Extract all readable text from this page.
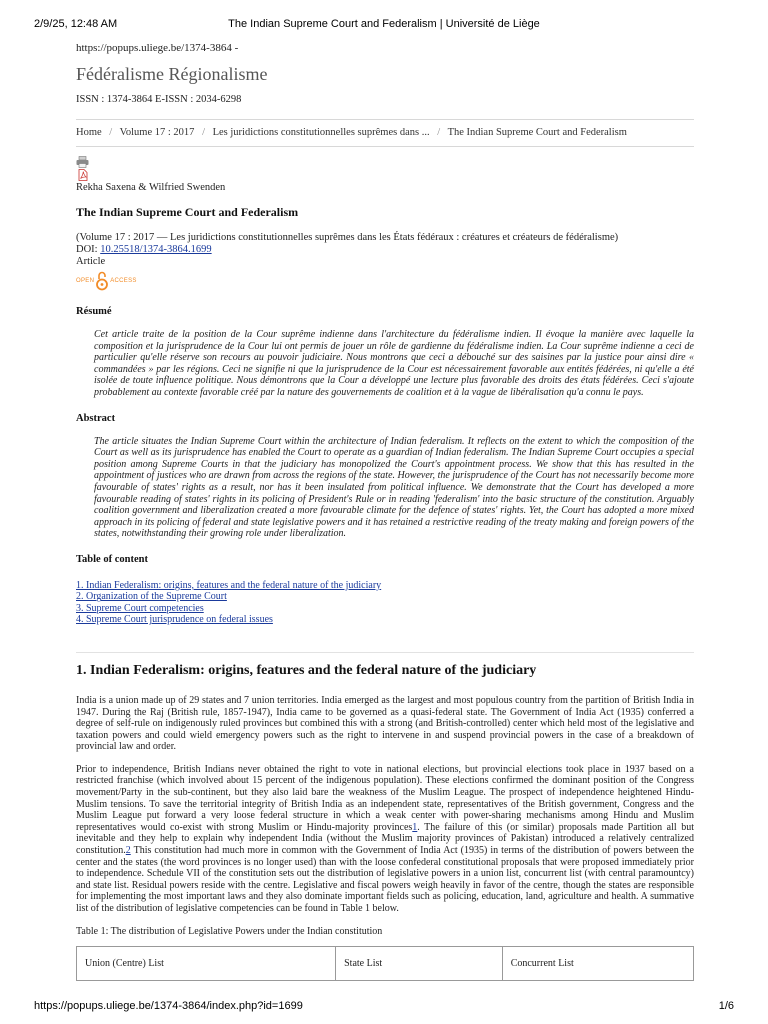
2/9/25, 12:48 AM	The Indian Supreme Court and Federalism | Université de Liège
https://popups.uliege.be/1374-3864 -
Fédéralisme Régionalisme
ISSN : 1374-3864 E-ISSN : 2034-6298
Home / Volume 17 : 2017 / Les juridictions constitutionnelles suprêmes dans ... / The Indian Supreme Court and Federalism
Rekha Saxena & Wilfried Swenden
The Indian Supreme Court and Federalism
(Volume 17 : 2017 — Les juridictions constitutionnelles suprêmes dans les États fédéraux : créatures et créateurs de fédéralisme)
DOI: 10.25518/1374-3864.1699
Article
OPEN	ACCESS
Résumé

Cet article traite de la position de la Cour suprême indienne dans l'architecture du fédéralisme indien. Il évoque la manière avec laquelle la composition et la jurisprudence de la Cour lui ont permis de jouer un rôle de gardienne du fédéralisme indien. La Cour suprême indienne a ceci de particulier qu'elle réserve son recours au pouvoir judiciaire. Nous montrons que ceci a débouché sur des saisines par la justice pour ainsi dire « commandées » par les régions. Ceci ne signifie ni que la jurisprudence de la Cour est nécessairement favorable aux entités fédérées, ni qu'elle a été isolée de toute influence politique. Nous démontrons que la Cour a développé une lecture plus favorable des droits des états fédérées. Ceci s'ajoute probablement au contexte favorable créé par la nature des gouvernements de coalition et à la vague de libéralisation qu'a connu le pays.

Abstract

The article situates the Indian Supreme Court within the architecture of Indian federalism. It reflects on the extent to which the composition of the Court as well as its jurisprudence has enabled the Court to operate as a guardian of Indian federalism. The Indian Supreme Court occupies a special position among Supreme Courts in that the judiciary has monopolized the Court's appointment process. We show that this has resulted in the appointment of justices who are drawn from across the regions of the state. However, the jurisprudence of the Court has not necessarily become more favourable of states' rights as a result, nor has it been insulated from political influence. We demonstrate that the Court has developed a more favourable reading of states' rights in its policing of President's Rule or in reading 'federalism' into the basic structure of the constitution. Arguably coalition government and liberalization created a more favourable climate for the defence of states' rights. Yet, the Court has adopted a more mixed approach in its policing of federal and state legislative powers and it has retained a restrictive reading of the treaty making and foreign powers of the states, notwithstanding their growing role under liberalization.

Table of content
1. Indian Federalism: origins, features and the federal nature of the judiciary
2. Organization of the Supreme Court
3. Supreme Court competencies
4. Supreme Court jurisprudence on federal issues
1. Indian Federalism: origins, features and the federal nature of the judiciary

India is a union made up of 29 states and 7 union territories. India emerged as the largest and most populous country from the partition of British India in 1947. During the Raj (British rule, 1857-1947), India came to be governed as a quasi-federal state. The Government of India Act (1935) conferred a degree of self-rule on indigenously ruled provinces but combined this with a strong (and British-controlled) center which held most of the legislative and taxation powers and could wield emergency powers such as the right to intervene in and suspend provincial powers in the case of a breakdown of provincial law and order.

Prior to independence, British Indians never obtained the right to vote in national elections, but provincial elections took place in 1937 based on a restricted franchise (which involved about 15 percent of the indigenous population). These elections confirmed the dominant position of the Congress movement/Party in the sub-continent, but they also laid bare the weakness of the Muslim League. The prospect of independence heightened Hindu-Muslim tensions. To save the territorial integrity of British India as an independent state, representatives of the British government, Congress and the Muslim League put forward a very loose federal structure in which a weak center with power-sharing mechanisms among Hindu and Muslim representatives would co-exist with strong Muslim or Hindu-majority provinces1. The failure of this (or similar) proposals made Partition all but inevitable and they help to explain why independent India (without the Muslim majority provinces of Pakistan) introduced a relatively centralized constitution.2 This constitution had much more in common with the Government of India Act (1935) in terms of the distribution of powers between the center and the states (the word provinces is no longer used) than with the loose confederal constitutional proposals that were proposed immediately prior to independence. Schedule VII of the constitution sets out the distribution of legislative powers in a union list, concurrent list (with central paramountcy) and state list. Residual powers reside with the centre. Legislative and fiscal powers weigh heavily in favor of the centre, though the states are responsible for implementing the most important laws and they also dominate important fields such as policing, education, land, agriculture and health. A summative list of the distribution of legislative competencies can be found in Table 1 below.

Table 1: The distribution of Legislative Powers under the Indian constitution
Union (Centre) List	State List	Concurrent List
https://popups.uliege.be/1374-3864/index.php?id=1699	1/6
